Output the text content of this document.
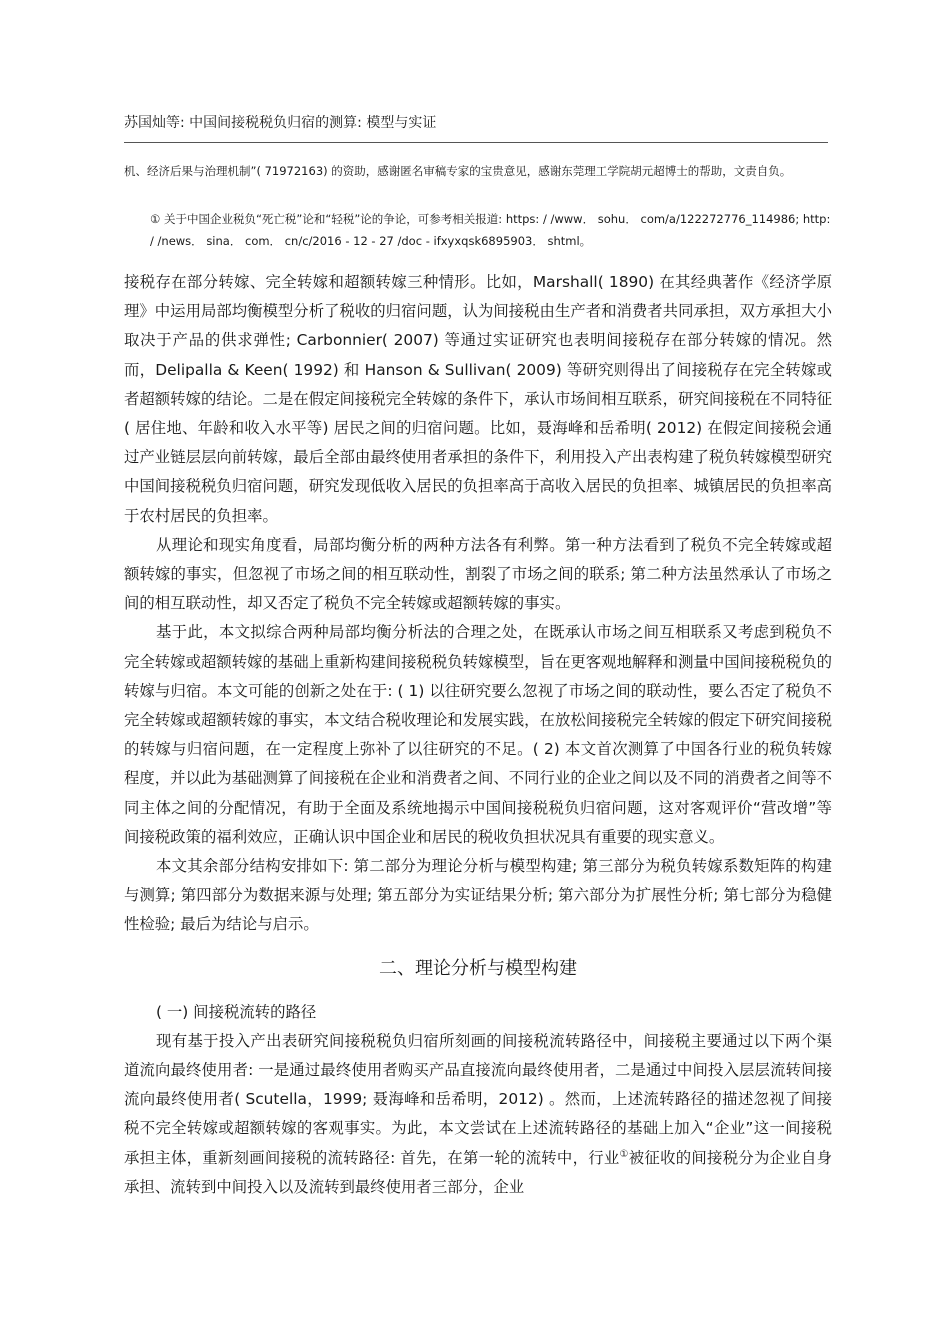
苏国灿等: 中国间接税税负归宿的测算: 模型与实证
机、经济后果与治理机制”( 71972163) 的资助，感谢匿名审稿专家的宝贵意见，感谢东莞理工学院胡元超博士的帮助，文责自负。
① 关于中国企业税负“死亡税”论和“轻税”论的争论，可参考相关报道: https: / /www． sohu． com/a/122272776_114986; http: / /news． sina． com． cn/c/2016 - 12 - 27 /doc - ifxyxqsk6895903． shtml。

接税存在部分转嫁、完全转嫁和超额转嫁三种情形。比如，Marshall( 1890) 在其经典著作《经济学原理》中运用局部均衡模型分析了税收的归宿问题，认为间接税由生产者和消费者共同承担，双方承担大小取决于产品的供求弹性; Carbonnier( 2007) 等通过实证研究也表明间接税存在部分转嫁的情况。然而，Delipalla & Keen( 1992) 和 Hanson & Sullivan( 2009) 等研究则得出了间接税存在完全转嫁或者超额转嫁的结论。二是在假定间接税完全转嫁的条件下，承认市场间相互联系，研究间接税在不同特征( 居住地、年龄和收入水平等) 居民之间的归宿问题。比如，聂海峰和岳希明( 2012) 在假定间接税会通过产业链层层向前转嫁，最后全部由最终使用者承担的条件下，利用投入产出表构建了税负转嫁模型研究中国间接税税负归宿问题，研究发现低收入居民的负担率高于高收入居民的负担率、城镇居民的负担率高于农村居民的负担率。

从理论和现实角度看，局部均衡分析的两种方法各有利弊。第一种方法看到了税负不完全转嫁或超额转嫁的事实，但忽视了市场之间的相互联动性，割裂了市场之间的联系; 第二种方法虽然承认了市场之间的相互联动性，却又否定了税负不完全转嫁或超额转嫁的事实。

基于此，本文拟综合两种局部均衡分析法的合理之处，在既承认市场之间互相联系又考虑到税负不完全转嫁或超额转嫁的基础上重新构建间接税税负转嫁模型，旨在更客观地解释和测量中国间接税税负的转嫁与归宿。本文可能的创新之处在于: ( 1) 以往研究要么忽视了市场之间的联动性，要么否定了税负不完全转嫁或超额转嫁的事实，本文结合税收理论和发展实践，在放松间接税完全转嫁的假定下研究间接税的转嫁与归宿问题，在一定程度上弥补了以往研究的不足。( 2) 本文首次测算了中国各行业的税负转嫁程度，并以此为基础测算了间接税在企业和消费者之间、不同行业的企业之间以及不同的消费者之间等不同主体之间的分配情况，有助于全面及系统地揭示中国间接税税负归宿问题，这对客观评价“营改增”等间接税政策的福利效应，正确认识中国企业和居民的税收负担状况具有重要的现实意义。

本文其余部分结构安排如下: 第二部分为理论分析与模型构建; 第三部分为税负转嫁系数矩阵的构建与测算; 第四部分为数据来源与处理; 第五部分为实证结果分析; 第六部分为扩展性分析; 第七部分为稳健性检验; 最后为结论与启示。

二、理论分析与模型构建

( 一) 间接税流转的路径

现有基于投入产出表研究间接税税负归宿所刻画的间接税流转路径中，间接税主要通过以下两个渠道流向最终使用者: 一是通过最终使用者购买产品直接流向最终使用者，二是通过中间投入层层流转间接流向最终使用者( Scutella，1999; 聂海峰和岳希明，2012) 。然而，上述流转路径的描述忽视了间接税不完全转嫁或超额转嫁的客观事实。为此，本文尝试在上述流转路径的基础上加入“企业”这一间接税承担主体，重新刻画间接税的流转路径: 首先，在第一轮的流转中，行业①被征收的间接税分为企业自身承担、流转到中间投入以及流转到最终使用者三部分，企业
